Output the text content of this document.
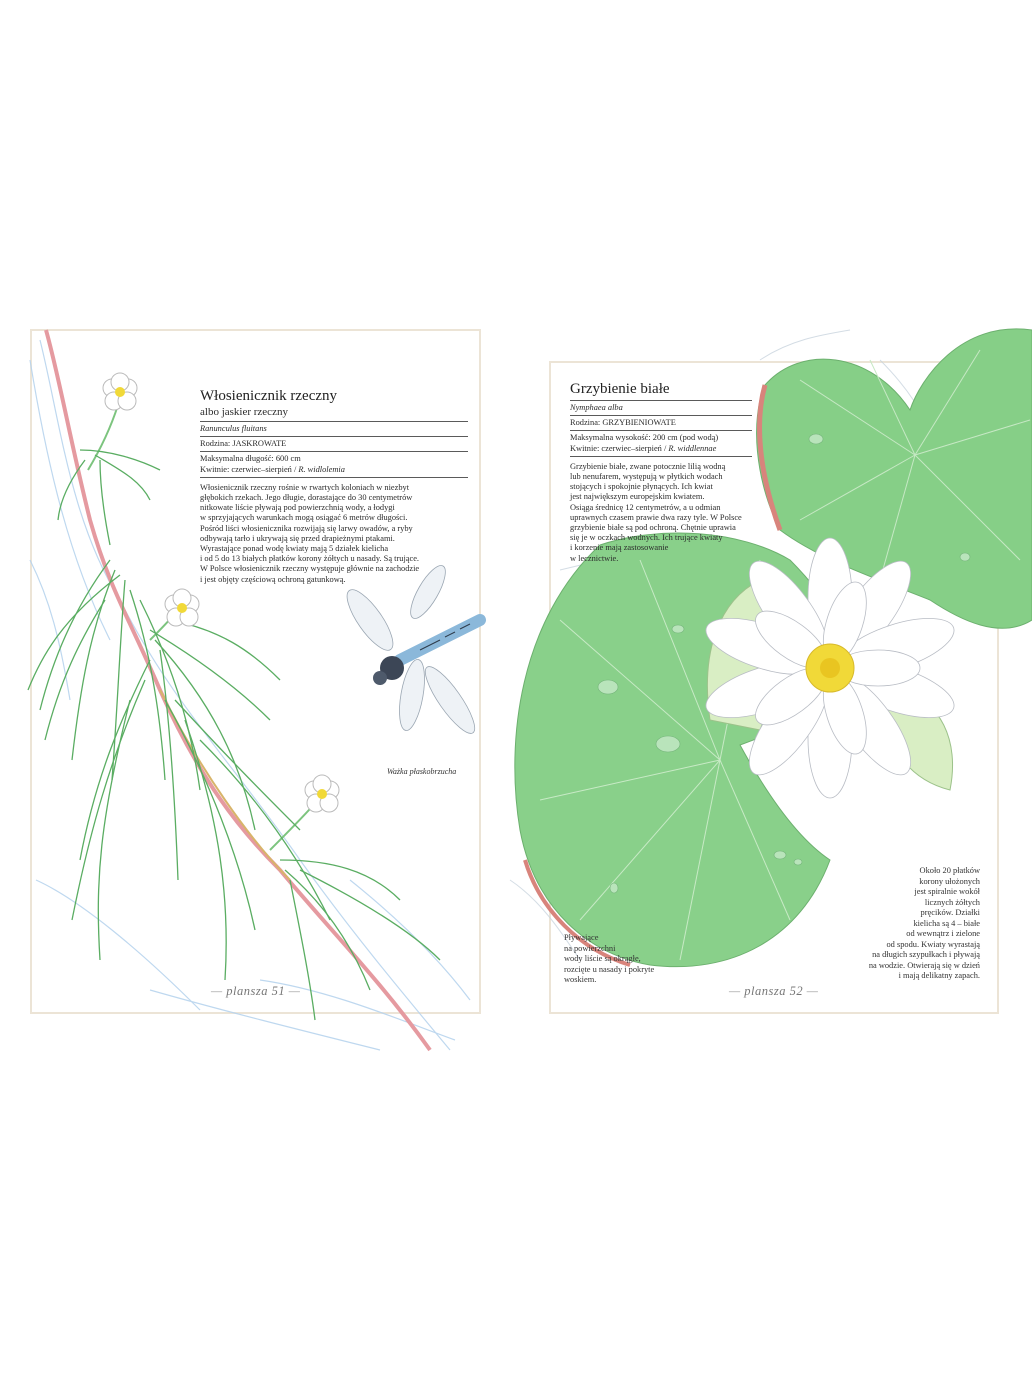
Włosienicznik rzeczny

albo jaskier rzeczny

Ranunculus fluitans

Rodzina: JASKROWATE

Maksymalna długość: 600 cm

Kwitnie: czerwiec–sierpień / R. widlolemia

Włosienicznik rzeczny rośnie w rwartych koloniach w niezbyt

głębokich rzekach. Jego długie, dorastające do 30 centymetrów

nitkowate liście pływają pod powierzchnią wody, a łodygi

w sprzyjających warunkach mogą osiągać 6 metrów długości.

Pośród liści włosienicznika rozwijają się larwy owadów, a ryby

odbywają tarło i ukrywają się przed drapieżnymi ptakami.

Wyrastające ponad wodę kwiaty mają 5 działek kielicha

i od 5 do 13 białych płatków korony żółtych u nasady. Są trujące.

W Polsce włosienicznik rzeczny występuje głównie na zachodzie

i jest objęty częściową ochroną gatunkową.

Ważka płaskobrzucha
— plansza 51 —
Grzybienie białe

Nymphaea alba

Rodzina: GRZYBIENIOWATE

Maksymalna wysokość: 200 cm (pod wodą)

Kwitnie: czerwiec–sierpień / R. widdlennae

Grzybienie białe, zwane potocznie lilią wodną

lub nenufarem, występują w płytkich wodach

stojących i spokojnie płynących. Ich kwiat

jest największym europejskim kwiatem.

Osiąga średnicę 12 centymetrów, a u odmian

uprawnych czasem prawie dwa razy tyle. W Polsce

grzybienie białe są pod ochroną. Chętnie uprawia

się je w oczkach wodnych. Ich trujące kwiaty

i korzenie mają zastosowanie

w lecznictwie.

Pływające

na powierzchni

wody liście są okrągłe,

rozcięte u nasady i pokryte

woskiem.

Około 20 płatków

korony ułożonych

jest spiralnie wokół

licznych żółtych

pręcików. Działki

kielicha są 4 – białe

od wewnątrz i zielone

od spodu. Kwiaty wyrastają

na długich szypułkach i pływają

na wodzie. Otwierają się w dzień

i mają delikatny zapach.

— plansza 52 —
